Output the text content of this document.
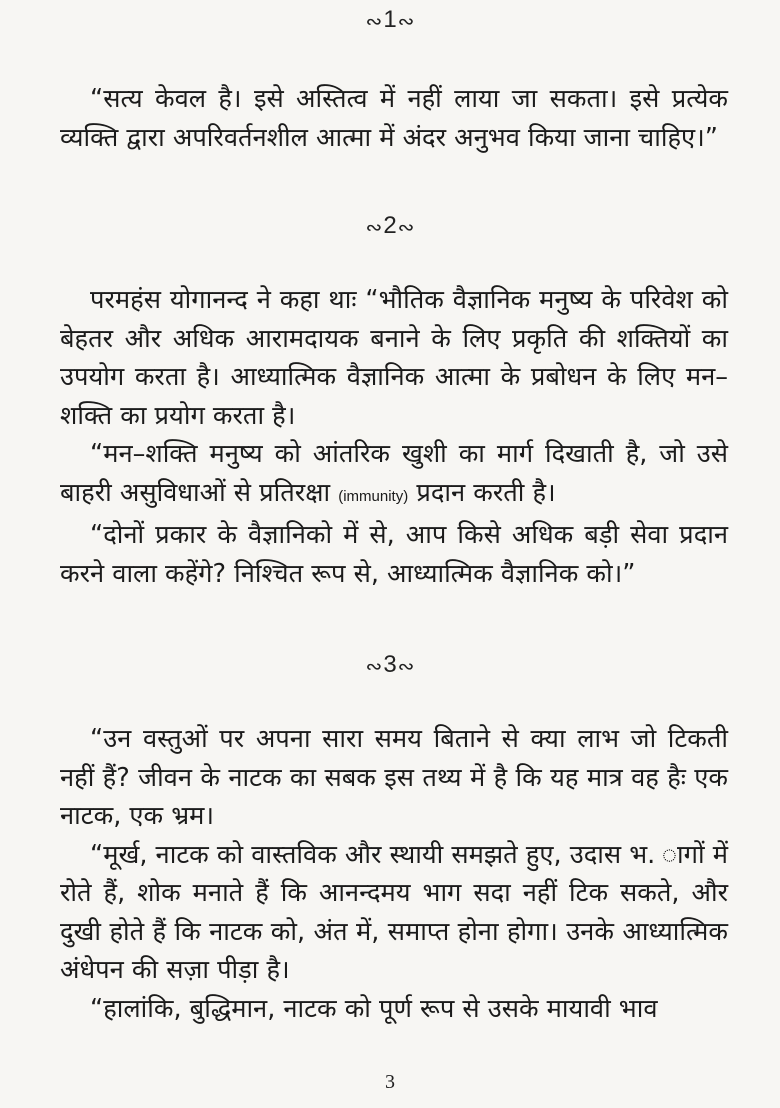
∾1∾

“सत्य केवल है। इसे अस्तित्व में नहीं लाया जा सकता। इसे प्रत्येक व्यक्ति द्वारा अपरिवर्तनशील आत्मा में अंदर अनुभव किया जाना चाहिए।”

∾2∾

परमहंस योगानन्द ने कहा थाः “भौतिक वैज्ञानिक मनुष्य के परिवेश को बेहतर और अधिक आरामदायक बनाने के लिए प्रकृति की शक्तियों का उपयोग करता है। आध्यात्मिक वैज्ञानिक आत्मा के प्रबोधन के लिए मन–शक्ति का प्रयोग करता है।

“मन–शक्ति मनुष्य को आंतरिक खुशी का मार्ग दिखाती है, जो उसे बाहरी असुविधाओं से प्रतिरक्षा (immunity) प्रदान करती है।

“दोनों प्रकार के वैज्ञानिको में से, आप किसे अधिक बड़ी सेवा प्रदान करने वाला कहेंगे? निश्चित रूप से, आध्यात्मिक वैज्ञानिक को।”

∾3∾

“उन वस्तुओं पर अपना सारा समय बिताने से क्या लाभ जो टिकती नहीं हैं? जीवन के नाटक का सबक इस तथ्य में है कि यह मात्र वह हैः एक नाटक, एक भ्रम।

“मूर्ख, नाटक को वास्तविक और स्थायी समझते हुए, उदास भ. ागों में रोते हैं, शोक मनाते हैं कि आनन्दमय भाग सदा नहीं टिक सकते, और दुखी होते हैं कि नाटक को, अंत में, समाप्त होना होगा। उनके आध्यात्मिक अंधेपन की सज़ा पीड़ा है।

“हालांकि, बुद्धिमान, नाटक को पूर्ण रूप से उसके मायावी भाव

3
